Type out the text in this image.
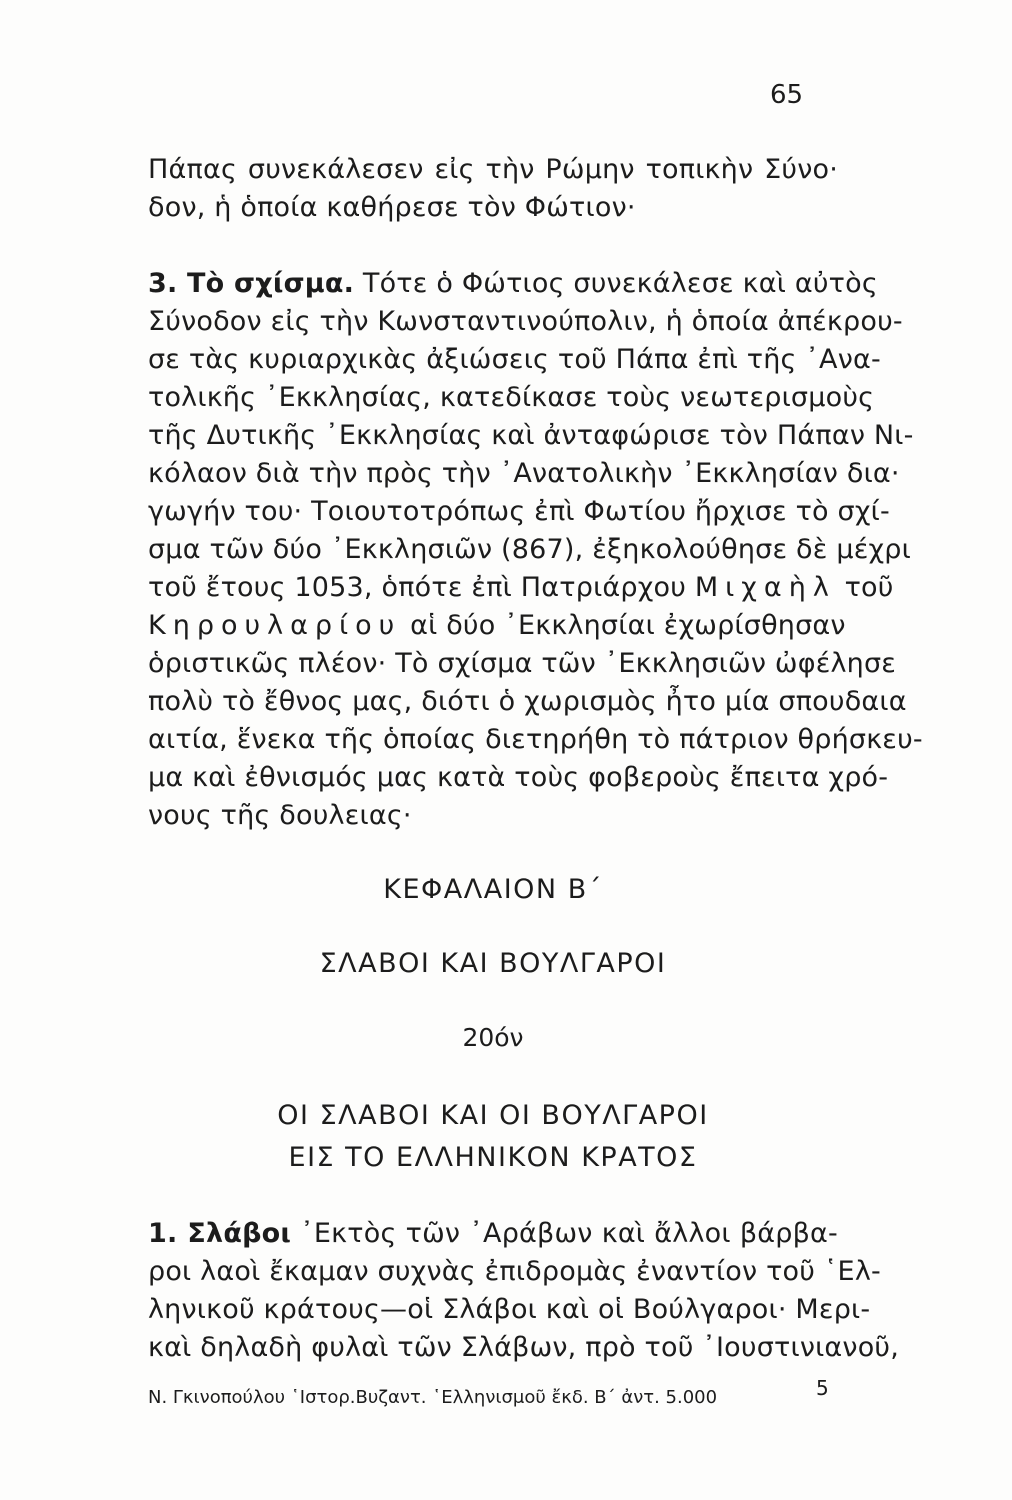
65
Πάπας συνεκάλεσεν εἰς τὴν Ρώμην τοπικὴν Σύνο·
δον, ἡ ὁποία καθήρεσε τὸν Φώτιον·
3. Τὸ σχίσμα. Τότε ὁ Φώτιος συνεκάλεσε καὶ αὐτὸς
Σύνοδον εἰς τὴν Κωνσταντινούπολιν, ἡ ὁποία ἀπέκρου-
σε τὰς κυριαρχικὰς ἀξιώσεις τοῦ Πάπα ἐπὶ τῆς ᾿Ανα-
τολικῆς ᾿Εκκλησίας, κατεδίκασε τοὺς νεωτερισμοὺς
τῆς Δυτικῆς ᾿Εκκλησίας καὶ ἀνταφώρισε τὸν Πάπαν Νι-
κόλαον διὰ τὴν πρὸς τὴν ᾿Ανατολικὴν ᾿Εκκλησίαν δια·
γωγήν του· Τοιουτοτρόπως ἐπὶ Φωτίου ἤρχισε τὸ σχί-
σμα τῶν δύο ᾿Εκκλησιῶν (867), ἐξηκολούθησε δὲ μέχρι
τοῦ ἔτους 1053, ὁπότε ἐπὶ Πατριάρχου Μιχαὴλ τοῦ
Κηρουλαρίου αἱ δύο ᾿Εκκλησίαι ἐχωρίσθησαν
ὁριστικῶς πλέον· Τὸ σχίσμα τῶν ᾿Εκκλησιῶν ὠφέλησε
πολὺ τὸ ἔθνος μας, διότι ὁ χωρισμὸς ἦτο μία σπουδαια
αιτία, ἕνεκα τῆς ὁποίας διετηρήθη τὸ πάτριον θρήσκευ-
μα καὶ ἐθνισμός μας κατὰ τοὺς φοβεροὺς ἔπειτα χρό-
νους τῆς δουλειας·
ΚΕΦΑΛΑΙΟΝ Β΄
ΣΛΑΒΟΙ ΚΑΙ ΒΟΥΛΓΑΡΟΙ
20όν
ΟΙ ΣΛΑΒΟΙ ΚΑΙ ΟΙ ΒΟΥΛΓΑΡΟΙ
ΕΙΣ ΤΟ ΕΛΛΗΝΙΚΟΝ ΚΡΑΤΟΣ
1. Σλάβοι ᾿Εκτὸς τῶν ᾿Αράβων καὶ ἄλλοι βάρβα-
ροι λαοὶ ἔκαμαν συχνὰς ἐπιδρομὰς ἐναντίον τοῦ ῾Ελ-
ληνικοῦ κράτους—οἱ Σλάβοι καὶ οἱ Βούλγαροι· Μερι-
καὶ δηλαδὴ φυλαὶ τῶν Σλάβων, πρὸ τοῦ ᾿Ιουστινιανοῦ,
Ν. Γκινοπούλου ῾Ιστορ.Βυζαντ. ῾Ελληνισμοῦ ἔκδ. Β΄ ἀντ. 5.000	5
